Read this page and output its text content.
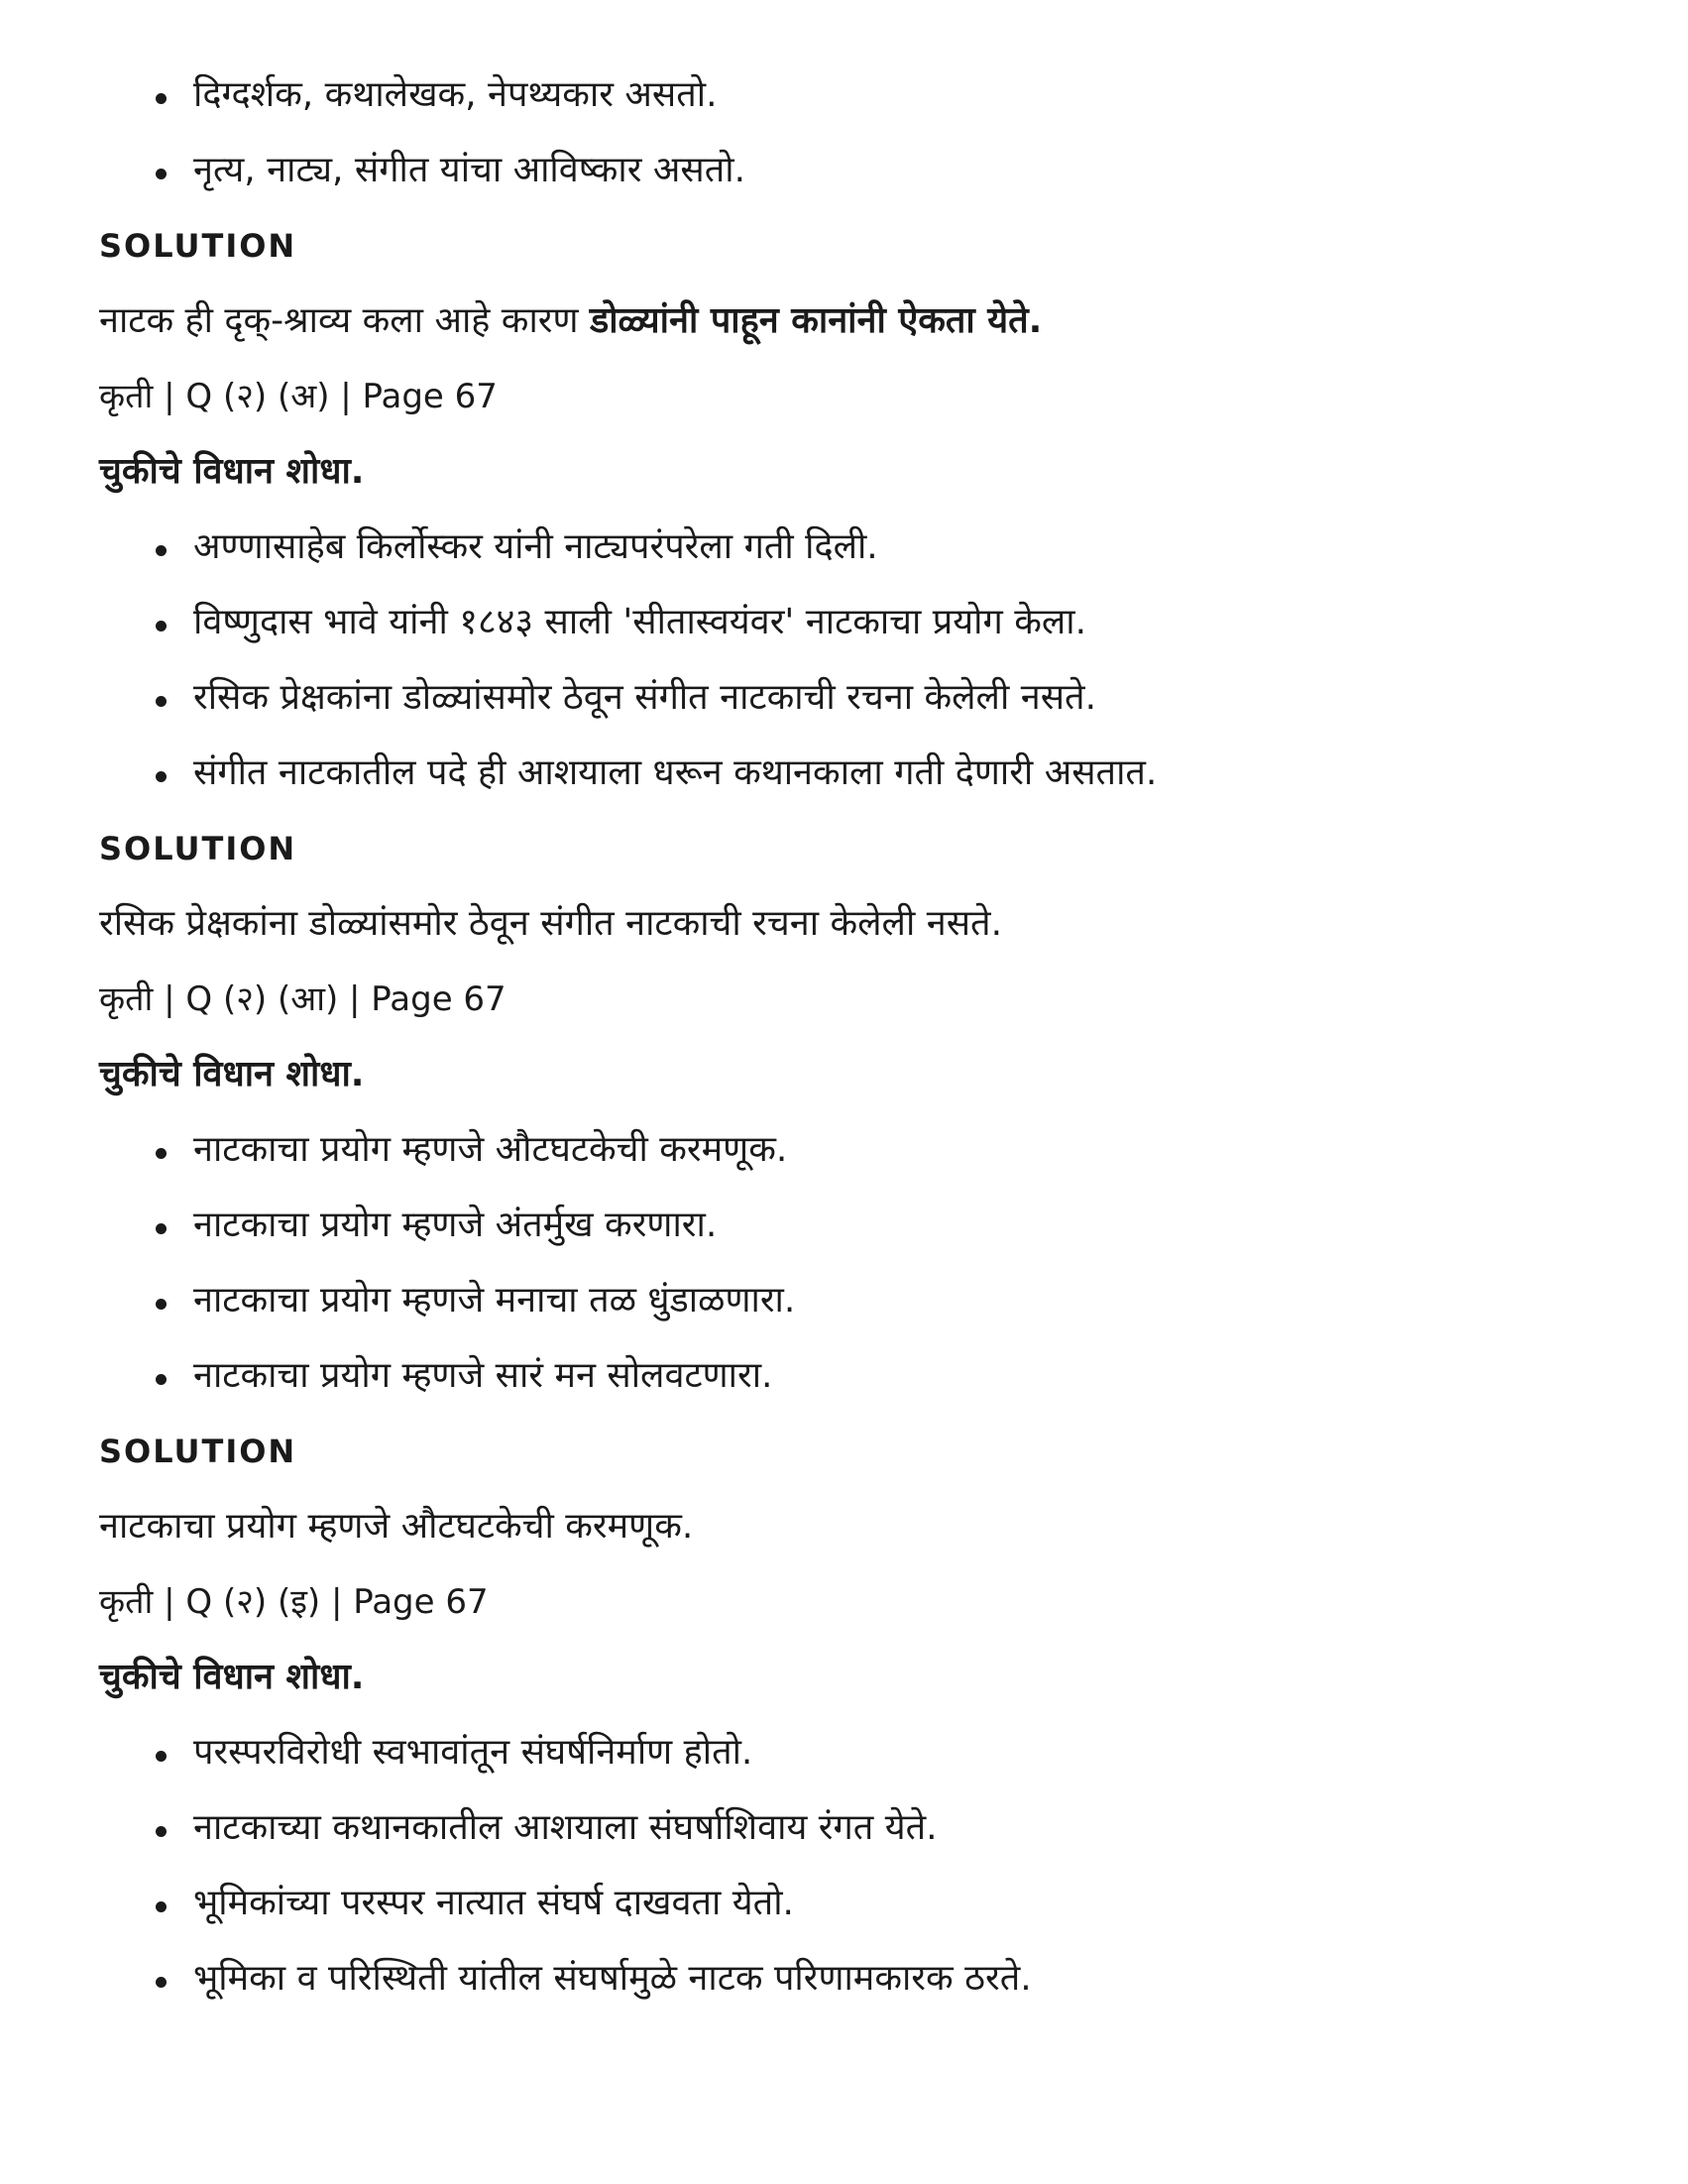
दिग्दर्शक, कथालेखक, नेपथ्यकार असतो.
नृत्य, नाट्य, संगीत यांचा आविष्कार असतो.
SOLUTION
नाटक ही दृक्-श्राव्य कला आहे कारण डोळ्यांनी पाहून कानांनी ऐकता येते.
कृती | Q (२) (अ) | Page 67
चुकीचे विधान शोधा.
अण्णासाहेब किर्लोस्कर यांनी नाट्यपरंपरेला गती दिली.
विष्णुदास भावे यांनी १८४३ साली 'सीतास्वयंवर' नाटकाचा प्रयोग केला.
रसिक प्रेक्षकांना डोळ्यांसमोर ठेवून संगीत नाटकाची रचना केलेली नसते.
संगीत नाटकातील पदे ही आशयाला धरून कथानकाला गती देणारी असतात.
SOLUTION
रसिक प्रेक्षकांना डोळ्यांसमोर ठेवून संगीत नाटकाची रचना केलेली नसते.
कृती | Q (२) (आ) | Page 67
चुकीचे विधान शोधा.
नाटकाचा प्रयोग म्हणजे औटघटकेची करमणूक.
नाटकाचा प्रयोग म्हणजे अंतर्मुख करणारा.
नाटकाचा प्रयोग म्हणजे मनाचा तळ धुंडाळणारा.
नाटकाचा प्रयोग म्हणजे सारं मन सोलवटणारा.
SOLUTION
नाटकाचा प्रयोग म्हणजे औटघटकेची करमणूक.
कृती | Q (२) (इ) | Page 67
चुकीचे विधान शोधा.
परस्परविरोधी स्वभावांतून संघर्षनिर्माण होतो.
नाटकाच्या कथानकातील आशयाला संघर्षाशिवाय रंगत येते.
भूमिकांच्या परस्पर नात्यात संघर्ष दाखवता येतो.
भूमिका व परिस्थिती यांतील संघर्षामुळे नाटक परिणामकारक ठरते.
